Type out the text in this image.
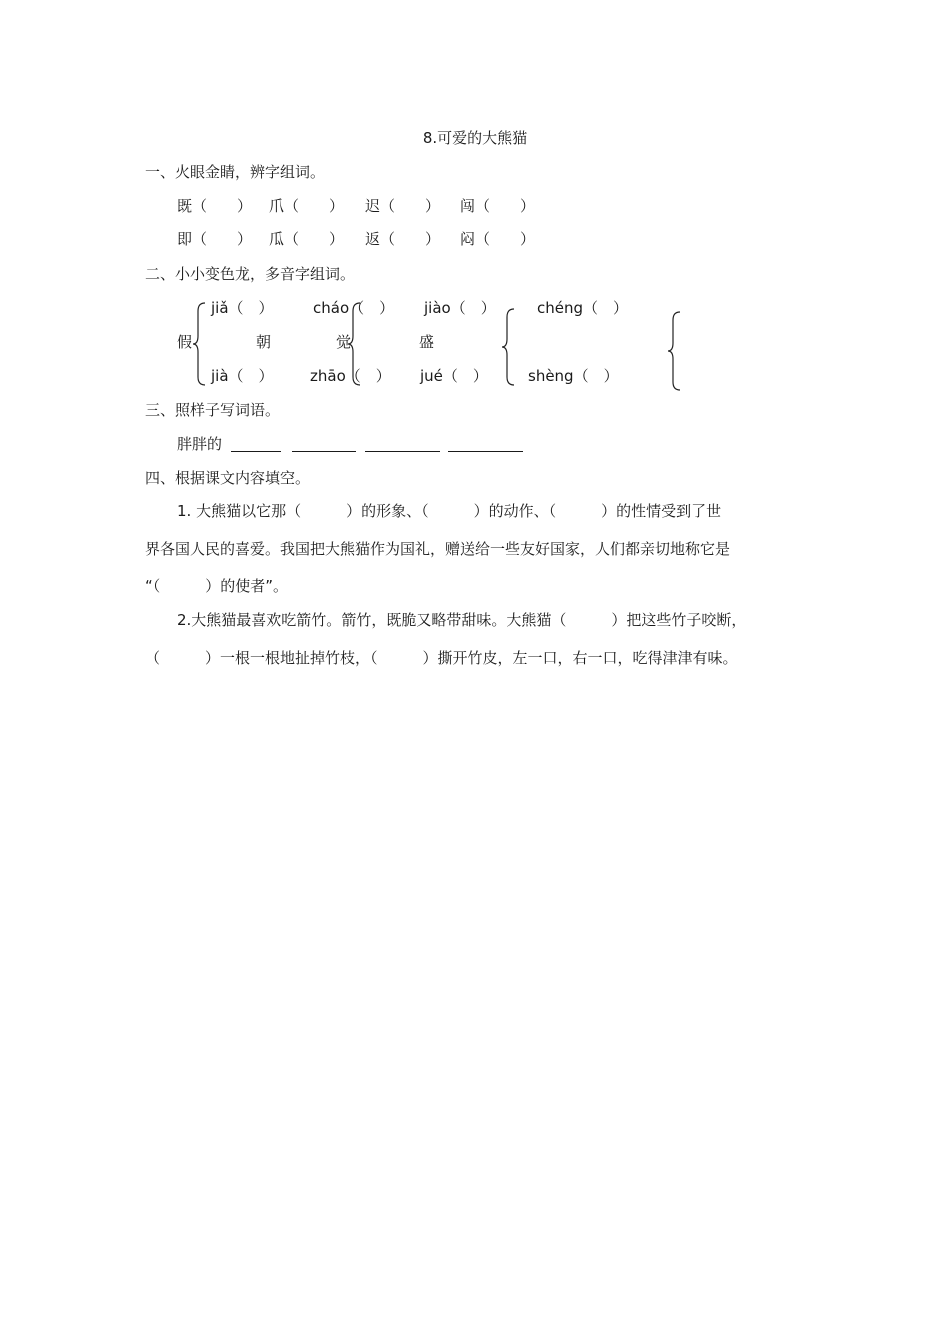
8.可爱的大熊猫
一、火眼金睛，辨字组词。
既（　　） 爪（　　） 迟（　　） 闯（　　）
即（　　） 瓜（　　） 返（　　） 闷（　　）
二、小小变色龙，多音字组词。
假
jiǎ（　）
jià（　）
cháo（　）
朝
zhāo（　）
觉
jiào（　）
盛
jué（　）
chéng（　）
shèng（　）
三、照样子写词语。
胖胖的
四、根据课文内容填空。
1. 大熊猫以它那（　　　）的形象、（　　　）的动作、（　　　）的性情受到了世
界各国人民的喜爱。我国把大熊猫作为国礼，赠送给一些友好国家，人们都亲切地称它是
“（　　　）的使者”。
2.大熊猫最喜欢吃箭竹。箭竹，既脆又略带甜味。大熊猫（　　　）把这些竹子咬断，
（　　　）一根一根地扯掉竹枝，（　　　）撕开竹皮，左一口，右一口，吃得津津有味。
